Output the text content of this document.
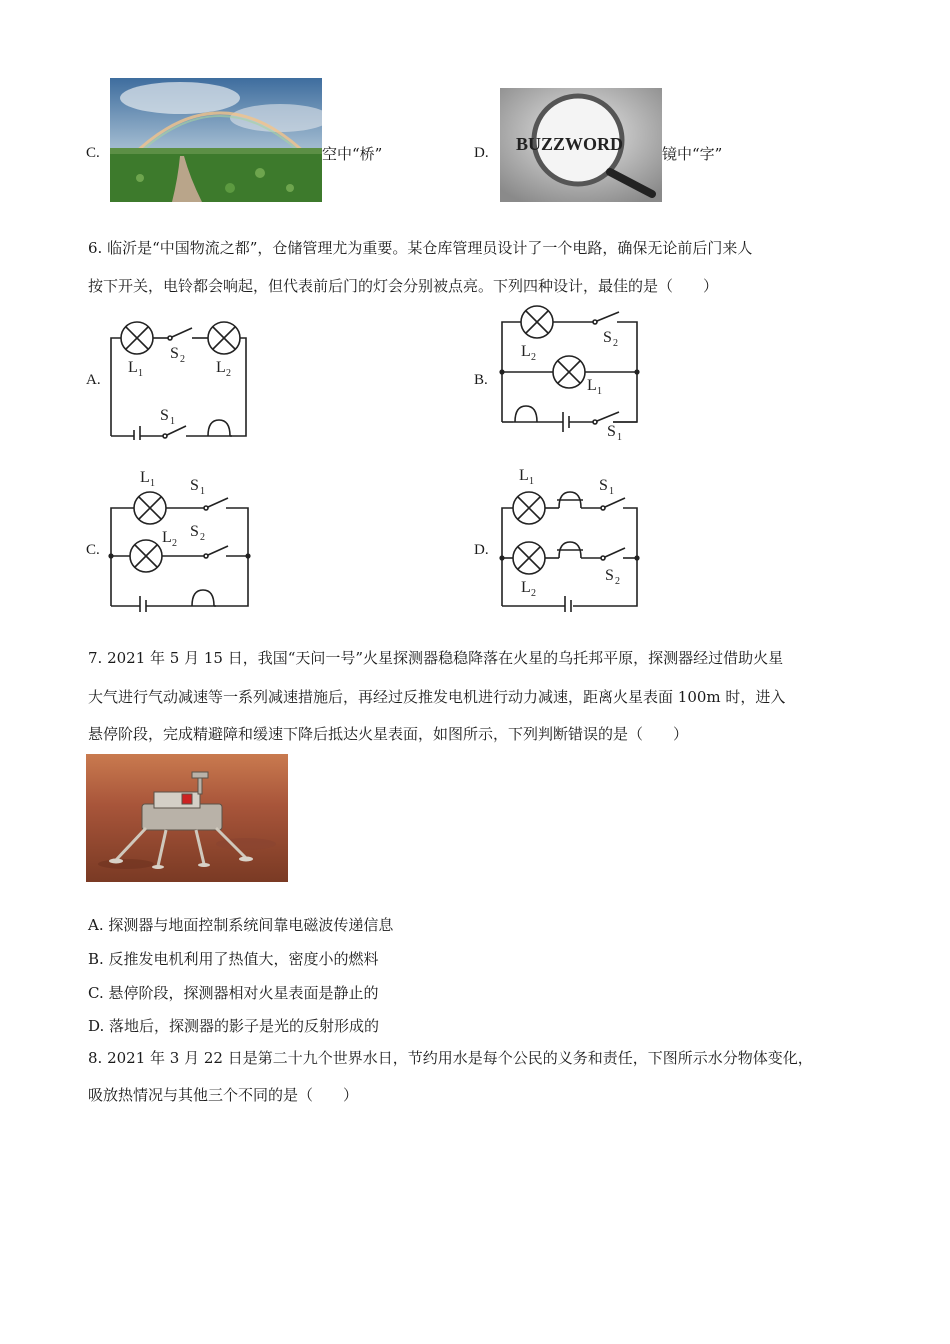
C.	空中“桥”	D. BUZZWORD	镜中“字”
6. 临沂是“中国物流之都”，仓储管理尤为重要。某仓库管理员设计了一个电路，确保无论前后门来人
按下开关，电铃都会响起，但代表前后门的灯会分别被点亮。下列四种设计，最佳的是（　　）
A.
L 1
S 2 L 2
S 1
B.
L 2
S 2
L 1
S 1
C.
L 1 S 1
L 2
S 2
D.
L 1	S 1
L 2
S 2
7. 2021 年 5 月 15 日，我国“天问一号”火星探测器稳稳降落在火星的乌托邦平原，探测器经过借助火星
大气进行气动减速等一系列减速措施后，再经过反推发电机进行动力减速，距离火星表面 100m 时，进入
悬停阶段，完成精避障和缓速下降后抵达火星表面，如图所示，下列判断错误的是（　　）
A. 探测器与地面控制系统间靠电磁波传递信息
B. 反推发电机利用了热值大，密度小的燃料
C. 悬停阶段，探测器相对火星表面是静止的
D. 落地后，探测器的影子是光的反射形成的
8. 2021 年 3 月 22 日是第二十九个世界水日，节约用水是每个公民的义务和责任，下图所示水分物体变化，
吸放热情况与其他三个不同的是（　　）
